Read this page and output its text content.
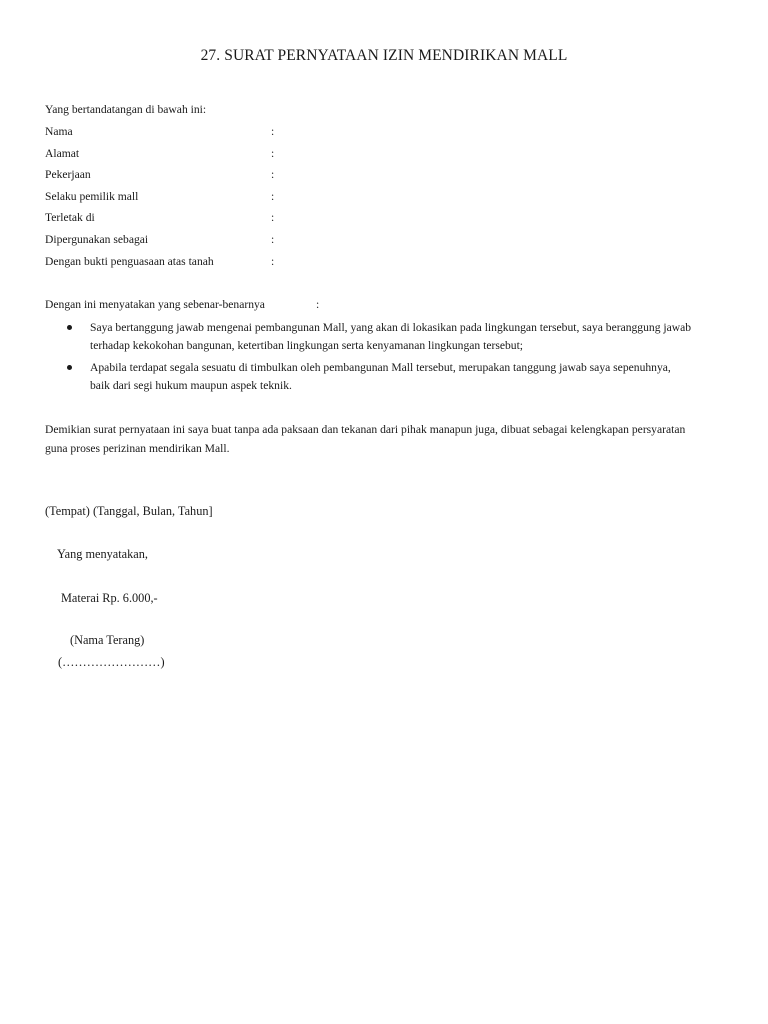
27. SURAT PERNYATAAN IZIN MENDIRIKAN MALL
Yang bertandatangan di bawah ini:
Nama	:
Alamat	:
Pekerjaan	:
Selaku pemilik mall	:
Terletak di	:
Dipergunakan sebagai	:
Dengan bukti penguasaan atas tanah	:
Dengan ini menyatakan yang sebenar-benarnya	:
Saya bertanggung jawab mengenai pembangunan Mall, yang akan di lokasikan pada lingkungan tersebut, saya beranggung jawab terhadap kekokohan bangunan, ketertiban lingkungan serta kenyamanan lingkungan tersebut;
Apabila terdapat segala sesuatu di timbulkan oleh pembangunan Mall tersebut, merupakan tanggung jawab saya sepenuhnya, baik dari segi hukum maupun aspek teknik.
Demikian surat pernyataan ini saya buat tanpa ada paksaan dan tekanan dari pihak manapun juga, dibuat sebagai kelengkapan persyaratan guna proses perizinan mendirikan Mall.
(Tempat) (Tanggal, Bulan, Tahun]
Yang menyatakan,
Materai Rp. 6.000,-
(Nama Terang)
(……………………)
